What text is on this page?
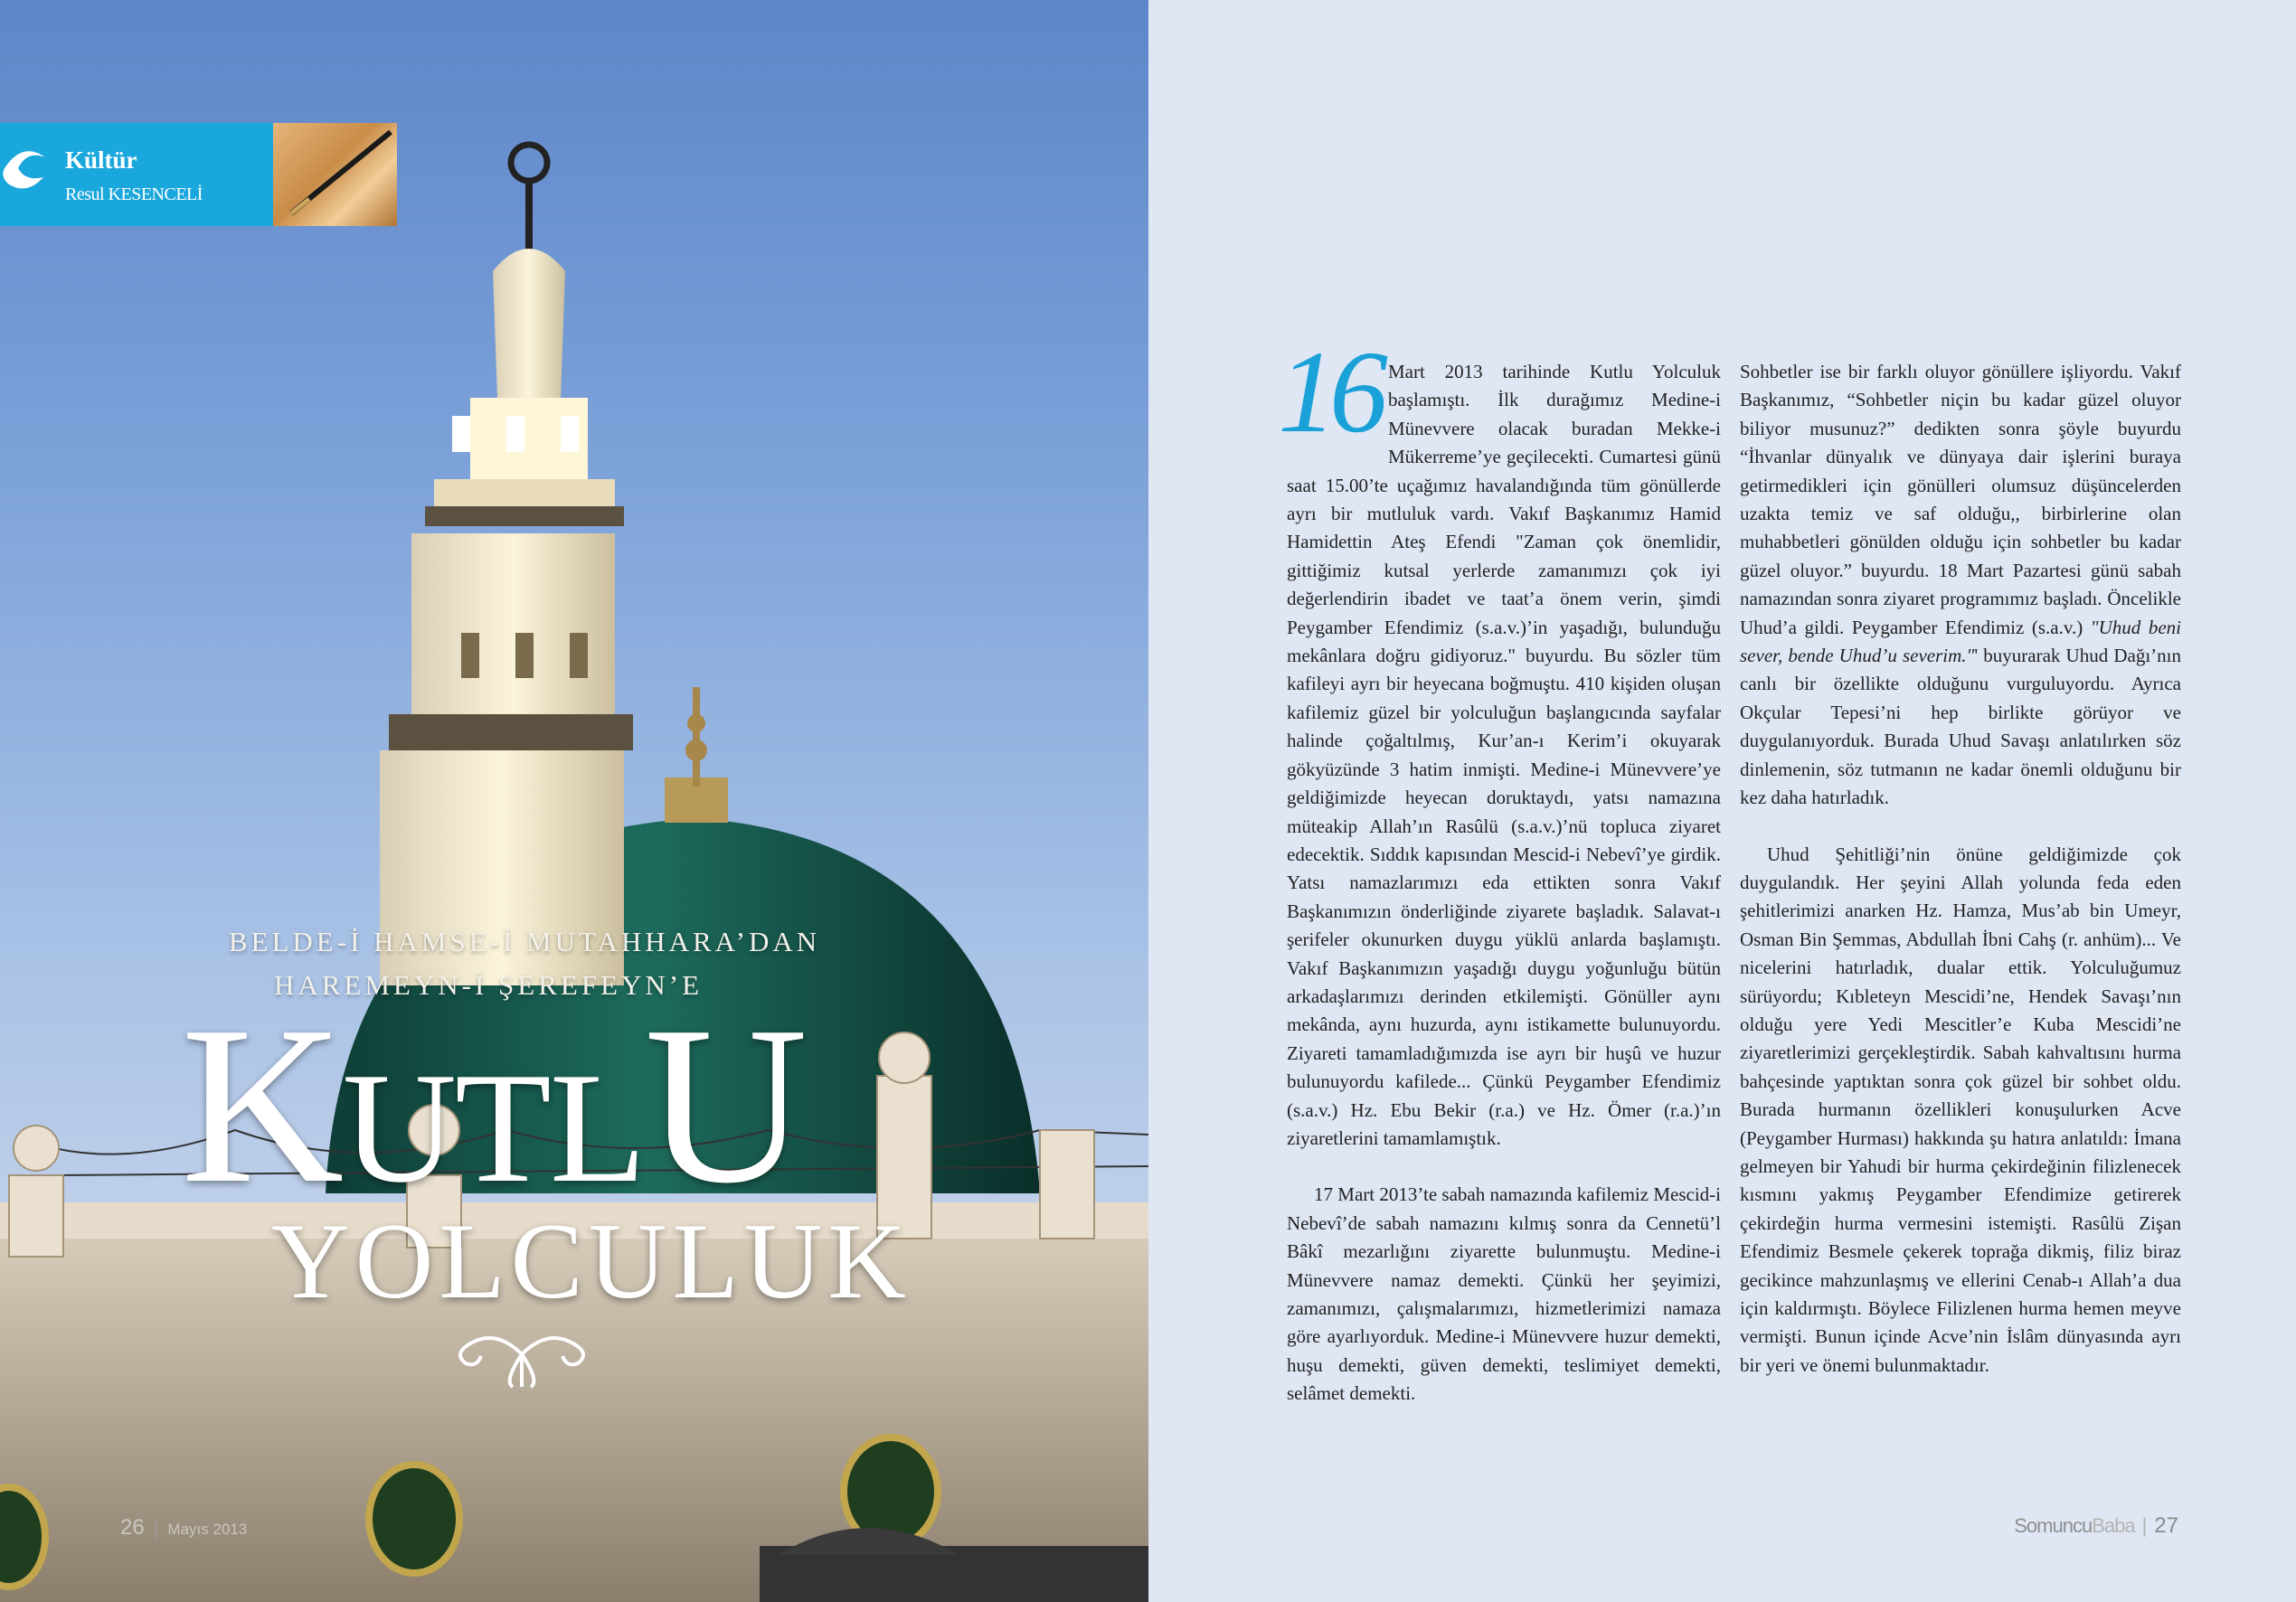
Kültür
Resul KESENCELİ
BELDE-İ HAMSE-İ MUTAHHARA’DAN
HAREMEYN-İ ŞEREFEYN’E
KUTLU
YOLCULUK
26 | Mayıs 2013

16 Mart 2013 tarihinde Kutlu Yolculuk başlamıştı. İlk durağımız Medine-i Münevvere olacak buradan Mekke-i Mükerreme’ye geçilecekti. Cumartesi günü saat 15.00’te uçağımız havalandığında tüm gönüllerde ayrı bir mutluluk vardı. Vakıf Başkanımız Hamid Hamidettin Ateş Efendi "Zaman çok önemlidir, gittiğimiz kutsal yerlerde zamanımızı çok iyi değerlendirin ibadet ve taat’a önem verin, şimdi Peygamber Efendimiz (s.a.v.)’in yaşadığı, bulunduğu mekânlara doğru gidiyoruz." buyurdu. Bu sözler tüm kafileyi ayrı bir heyecana boğmuştu. 410 kişiden oluşan kafilemiz güzel bir yolculuğun başlangıcında sayfalar halinde çoğaltılmış, Kur’an-ı Kerim’i okuyarak gökyüzünde 3 hatim inmişti. Medine-i Münevvere’ye geldiğimizde heyecan doruktaydı, yatsı namazına müteakip Allah’ın Rasûlü (s.a.v.)’nü topluca ziyaret edecektik. Sıddık kapısından Mescid-i Nebevî’ye girdik. Yatsı namazlarımızı eda ettikten sonra Vakıf Başkanımızın önderliğinde ziyarete başladık. Salavat-ı şerifeler okunurken duygu yüklü anlarda başlamıştı. Vakıf Başkanımızın yaşadığı duygu yoğunluğu bütün arkadaşlarımızı derinden etkilemişti. Gönüller aynı mekânda, aynı huzurda, aynı istikamette bulunuyordu. Ziyareti tamamladığımızda ise ayrı bir huşû ve huzur bulunuyordu kafilede... Çünkü Peygamber Efendimiz (s.a.v.) Hz. Ebu Bekir (r.a.) ve Hz. Ömer (r.a.)’ın ziyaretlerini tamamlamıştık.

17 Mart 2013’te sabah namazında kafilemiz Mescid-i Nebevî’de sabah namazını kılmış sonra da Cennetü’l Bâkî mezarlığını ziyarette bulunmuştu. Medine-i Münevvere namaz demekti. Çünkü her şeyimizi, zamanımızı, çalışmalarımızı, hizmetlerimizi namaza göre ayarlıyorduk. Medine-i Münevvere huzur demekti, huşu demekti, güven demekti, teslimiyet demekti, selâmet demekti.

Sohbetler ise bir farklı oluyor gönüllere işliyordu. Vakıf Başkanımız, “Sohbetler niçin bu kadar güzel oluyor biliyor musunuz?” dedikten sonra şöyle buyurdu “İhvanlar dünyalık ve dünyaya dair işlerini buraya getirmedikleri için gönülleri olumsuz düşüncelerden uzakta temiz ve saf olduğu,, birbirlerine olan muhabbetleri gönülden olduğu için sohbetler bu kadar güzel oluyor.” buyurdu. 18 Mart Pazartesi günü sabah namazından sonra ziyaret programımız başladı. Öncelikle Uhud’a gildi. Peygamber Efendimiz (s.a.v.) "Uhud beni sever, bende Uhud’u severim."' buyurarak Uhud Dağı’nın canlı bir özellikte olduğunu vurguluyordu. Ayrıca Okçular Tepesi’ni hep birlikte görüyor ve duygulanıyorduk. Burada Uhud Savaşı anlatılırken söz dinlemenin, söz tutmanın ne kadar önemli olduğunu bir kez daha hatırladık.

Uhud Şehitliği’nin önüne geldiğimizde çok duygulandık. Her şeyini Allah yolunda feda eden şehitlerimizi anarken Hz. Hamza, Mus’ab bin Umeyr, Osman Bin Şemmas, Abdullah İbni Cahş (r. anhüm)... Ve nicelerini hatırladık, dualar ettik. Yolculuğumuz sürüyordu; Kıbleteyn Mescidi’ne, Hendek Savaşı’nın olduğu yere Yedi Mescitler’e Kuba Mescidi’ne ziyaretlerimizi gerçekleştirdik. Sabah kahvaltısını hurma bahçesinde yaptıktan sonra çok güzel bir sohbet oldu. Burada hurmanın özellikleri konuşulurken Acve (Peygamber Hurması) hakkında şu hatıra anlatıldı: İmana gelmeyen bir Yahudi bir hurma çekirdeğinin filizlenecek kısmını yakmış Peygamber Efendimize getirerek çekirdeğin hurma vermesini istemişti. Rasûlü Zişan Efendimiz Besmele çekerek toprağa dikmiş, filiz biraz gecikince mahzunlaşmış ve ellerini Cenab-ı Allah’a dua için kaldırmıştı. Böylece Filizlenen hurma hemen meyve vermişti. Bunun içinde Acve’nin İslâm dünyasında ayrı bir yeri ve önemi bulunmaktadır.

SomuncuBaba | 27
